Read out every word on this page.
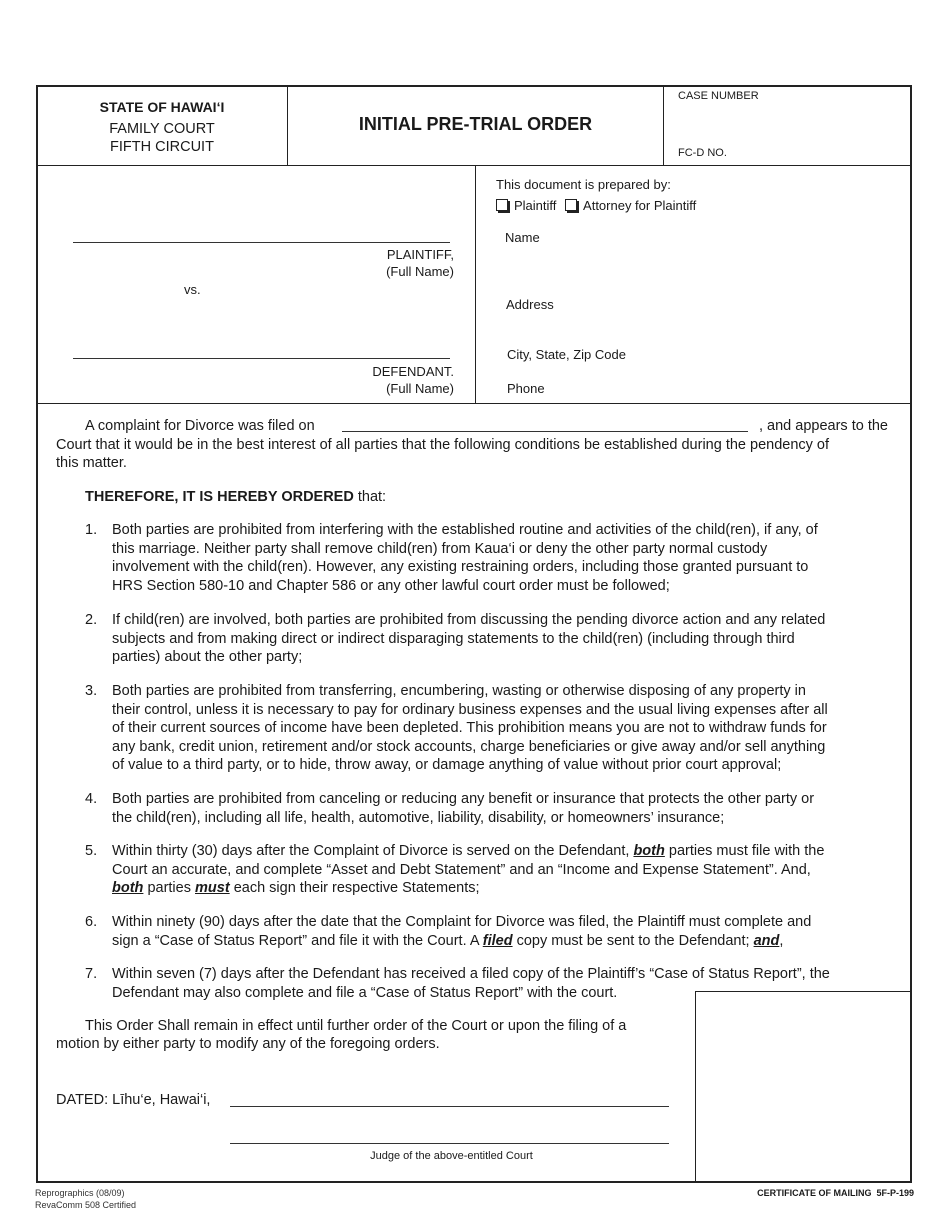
STATE OF HAWAI‘I
FAMILY COURT
FIFTH CIRCUIT
INITIAL PRE-TRIAL ORDER
CASE NUMBER
FC-D NO.
PLAINTIFF,
(Full Name)
vs.
DEFENDANT.
(Full Name)
This document is prepared by:
Plaintiff Attorney for Plaintiff
Name
Address
City, State, Zip Code
Phone
A complaint for Divorce was filed on	, and appears to the
Court that it would be in the best interest of all parties that the following conditions be established during the pendency of
this matter.
THEREFORE, IT IS HEREBY ORDERED that:
1. Both parties are prohibited from interfering with the established routine and activities of the child(ren), if any, of
this marriage. Neither party shall remove child(ren) from Kaua‘i or deny the other party normal custody
involvement with the child(ren). However, any existing restraining orders, including those granted pursuant to
HRS Section 580-10 and Chapter 586 or any other lawful court order must be followed;
2. If child(ren) are involved, both parties are prohibited from discussing the pending divorce action and any related
subjects and from making direct or indirect disparaging statements to the child(ren) (including through third
parties) about the other party;
3. Both parties are prohibited from transferring, encumbering, wasting or otherwise disposing of any property in
their control, unless it is necessary to pay for ordinary business expenses and the usual living expenses after all
of their current sources of income have been depleted. This prohibition means you are not to withdraw funds for
any bank, credit union, retirement and/or stock accounts, charge beneficiaries or give away and/or sell anything
of value to a third party, or to hide, throw away, or damage anything of value without prior court approval;
4. Both parties are prohibited from canceling or reducing any benefit or insurance that protects the other party or
the child(ren), including all life, health, automotive, liability, disability, or homeowners’ insurance;
5. Within thirty (30) days after the Complaint of Divorce is served on the Defendant, both parties must file with the
Court an accurate, and complete “Asset and Debt Statement” and an “Income and Expense Statement”. And,
both parties must each sign their respective Statements;
6. Within ninety (90) days after the date that the Complaint for Divorce was filed, the Plaintiff must complete and
sign a “Case of Status Report” and file it with the Court. A filed copy must be sent to the Defendant; and,
7. Within seven (7) days after the Defendant has received a filed copy of the Plaintiff’s “Case of Status Report”, the
Defendant may also complete and file a “Case of Status Report” with the court.
This Order Shall remain in effect until further order of the Court or upon the filing of a
motion by either party to modify any of the foregoing orders.
DATED: Līhu‘e, Hawai‘i,
Judge of the above-entitled Court
Reprographics (08/09)
RevaComm 508 Certified
CERTIFICATE OF MAILING 5F-P-199
